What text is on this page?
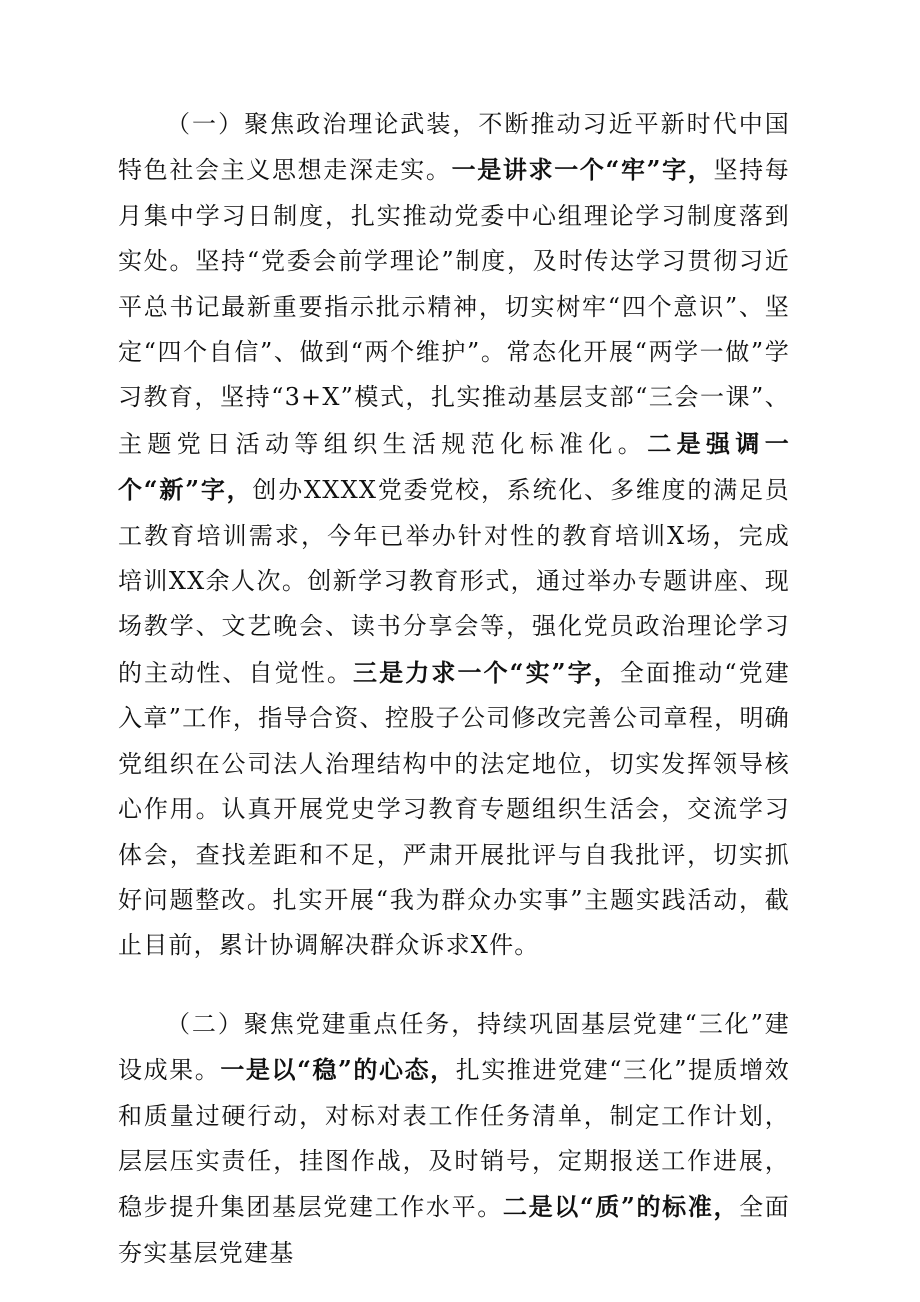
（一）聚焦政治理论武装，不断推动习近平新时代中国特色社会主义思想走深走实。一是讲求一个“牢”字，坚持每月集中学习日制度，扎实推动党委中心组理论学习制度落到实处。坚持“党委会前学理论”制度，及时传达学习贯彻习近平总书记最新重要指示批示精神，切实树牢“四个意识”、坚定“四个自信”、做到“两个维护”。常态化开展“两学一做”学习教育，坚持“3+X”模式，扎实推动基层支部“三会一课”、主题党日活动等组织生活规范化标准化。二是强调一个“新”字，创办XXXX党委党校，系统化、多维度的满足员工教育培训需求，今年已举办针对性的教育培训X场，完成培训XX余人次。创新学习教育形式，通过举办专题讲座、现场教学、文艺晚会、读书分享会等，强化党员政治理论学习的主动性、自觉性。三是力求一个“实”字，全面推动“党建入章”工作，指导合资、控股子公司修改完善公司章程，明确党组织在公司法人治理结构中的法定地位，切实发挥领导核心作用。认真开展党史学习教育专题组织生活会，交流学习体会，查找差距和不足，严肃开展批评与自我批评，切实抓好问题整改。扎实开展“我为群众办实事”主题实践活动，截止目前，累计协调解决群众诉求X件。

（二）聚焦党建重点任务，持续巩固基层党建“三化”建设成果。一是以“稳”的心态，扎实推进党建“三化”提质增效和质量过硬行动，对标对表工作任务清单，制定工作计划，层层压实责任，挂图作战，及时销号，定期报送工作进展，稳步提升集团基层党建工作水平。二是以“质”的标准，全面夯实基层党建基
